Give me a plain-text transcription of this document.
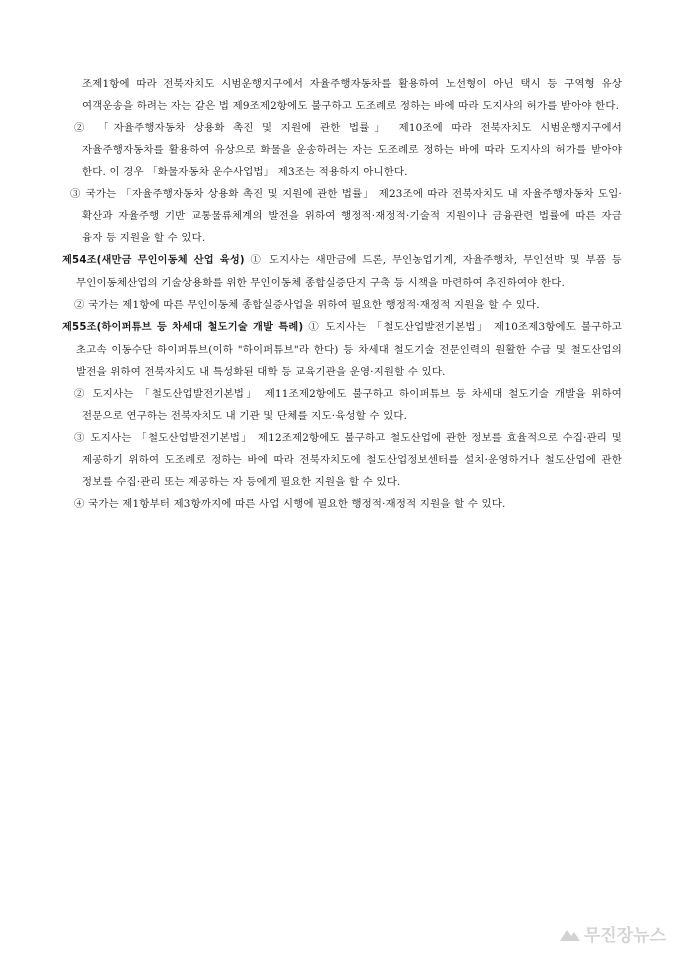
조제1항에 따라 전북자치도 시범운행지구에서 자율주행자동차를 활용하여 노선형이 아닌 택시 등 구역형 유상 여객운송을 하려는 자는 같은 법 제9조제2항에도 불구하고 도조례로 정하는 바에 따라 도지사의 허가를 받아야 한다.

② 「자율주행자동차 상용화 촉진 및 지원에 관한 법률」 제10조에 따라 전북자치도 시범운행지구에서 자율주행자동차를 활용하여 유상으로 화물을 운송하려는 자는 도조례로 정하는 바에 따라 도지사의 허가를 받아야 한다. 이 경우 「화물자동차 운수사업법」 제3조는 적용하지 아니한다.

③ 국가는 「자율주행자동차 상용화 촉진 및 지원에 관한 법률」 제23조에 따라 전북자치도 내 자율주행자동차 도입·확산과 자율주행 기반 교통물류체계의 발전을 위하여 행정적·재정적·기술적 지원이나 금융관련 법률에 따른 자금 융자 등 지원을 할 수 있다.

제54조(새만금 무인이동체 산업 육성) ① 도지사는 새만금에 드론, 무인농업기계, 자율주행차, 무인선박 및 부품 등 무인이동체산업의 기술상용화를 위한 무인이동체 종합실증단지 구축 등 시책을 마련하여 추진하여야 한다.

② 국가는 제1항에 따른 무인이동체 종합실증사업을 위하여 필요한 행정적·재정적 지원을 할 수 있다.

제55조(하이퍼튜브 등 차세대 철도기술 개발 특례) ① 도지사는 「철도산업발전기본법」 제10조제3항에도 불구하고 초고속 이동수단 하이퍼튜브(이하 "하이퍼튜브"라 한다) 등 차세대 철도기술 전문인력의 원활한 수급 및 철도산업의 발전을 위하여 전북자치도 내 특성화된 대학 등 교육기관을 운영·지원할 수 있다.

② 도지사는 「철도산업발전기본법」 제11조제2항에도 불구하고 하이퍼튜브 등 차세대 철도기술 개발을 위하여 전문으로 연구하는 전북자치도 내 기관 및 단체를 지도·육성할 수 있다.

③ 도지사는 「철도산업발전기본법」 제12조제2항에도 불구하고 철도산업에 관한 정보를 효율적으로 수집·관리 및 제공하기 위하여 도조례로 정하는 바에 따라 전북자치도에 철도산업정보센터를 설치·운영하거나 철도산업에 관한 정보를 수집·관리 또는 제공하는 자 등에게 필요한 지원을 할 수 있다.

④ 국가는 제1항부터 제3항까지에 따른 사업 시행에 필요한 행정적·재정적 지원을 할 수 있다.

무진장뉴스
